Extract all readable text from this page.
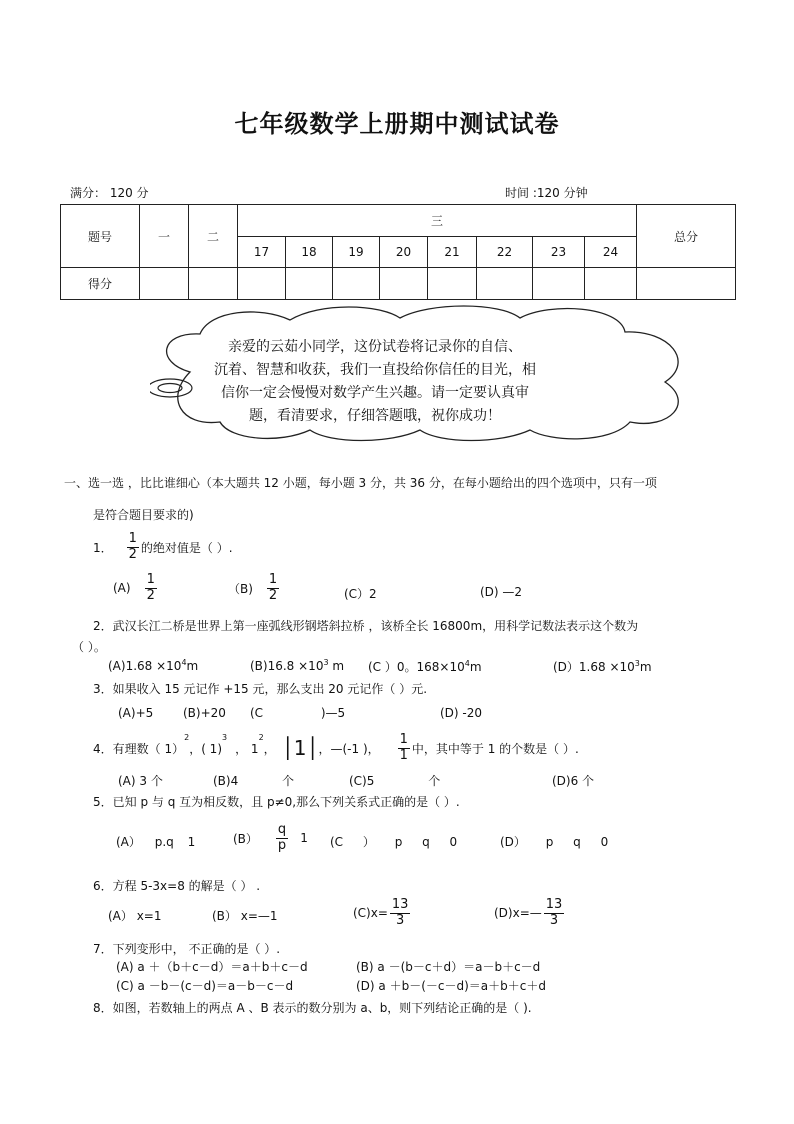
七年级数学上册期中测试试卷
满分： 120 分	时间 :120 分钟
题号	一	二	三								总分
			17	18	19	20	21	22	23	24	
得分											
亲爱的云茹小同学，这份试卷将记录你的自信、
沉着、智慧和收获，我们一直投给你信任的目光，相
信你一定会慢慢对数学产生兴趣。请一定要认真审
题，看清要求，仔细答题哦，祝你成功！
一、选一选 ，比比谁细心（本大题共 12 小题，每小题 3 分，共 36 分，在每小题给出的四个选项中，只有一项
是符合题目要求的)
1． $\frac{1}{2}$ 的绝对值是（ ）.
$(A) \frac{1}{2}$	$(B) \frac{1}{2}$	(C）2	(D) —2
2．武汉长江二桥是世界上第一座弧线形钢塔斜拉桥 ，该桥全长 16800m，用科学记数法表示这个数为
（ ）。
$(A)1.68 \times 10^4m$	$(B)16.8 \times 10^3$ m (C ）0。$168\times 10^4m$	$(D)1.68 \times 10^3m$
3．如果收入 15 元记作 +15 元，那么支出 20 元记作（ ）元.
(A)+5 (B)+20 (C )—5	(D) -20
4．有理数（ 1）
$^2$
，( 1)
$^3$
， 1
$^2$
， │1│ ，—(-1 )， $\frac{1}{1}$ 中，其中等于 1 的个数是（ ）.
(A) 3 个	(B)4 个	(C)5 个	(D)6 个
5．已知 p 与 q 互为相反数，且 p≠0,那么下列关系式正确的是（ ）.
(A） p.q 1	$(B) \frac{q}{p} 1$ (C ） p q 0	(D） p q 0
6．方程 5-3x=8 的解是（ ） .
(A） x=1	(B） x=—1	$(C)x= \frac{13}{3}$	(D)x=— $\frac{13}{3}$
7．下列变形中， 不正确的是（ ）.
(A) a ＋（b＋c－d）＝a＋b＋c－d	(B) a －(b－c＋d）＝a－b＋c－d
(C) a －b－(c－d)＝a－b－c－d	(D) a ＋b－(－c－d)＝a＋b＋c＋d
8．如图，若数轴上的两点 A 、B 表示的数分别为 a、b，则下列结论正确的是（ ).
